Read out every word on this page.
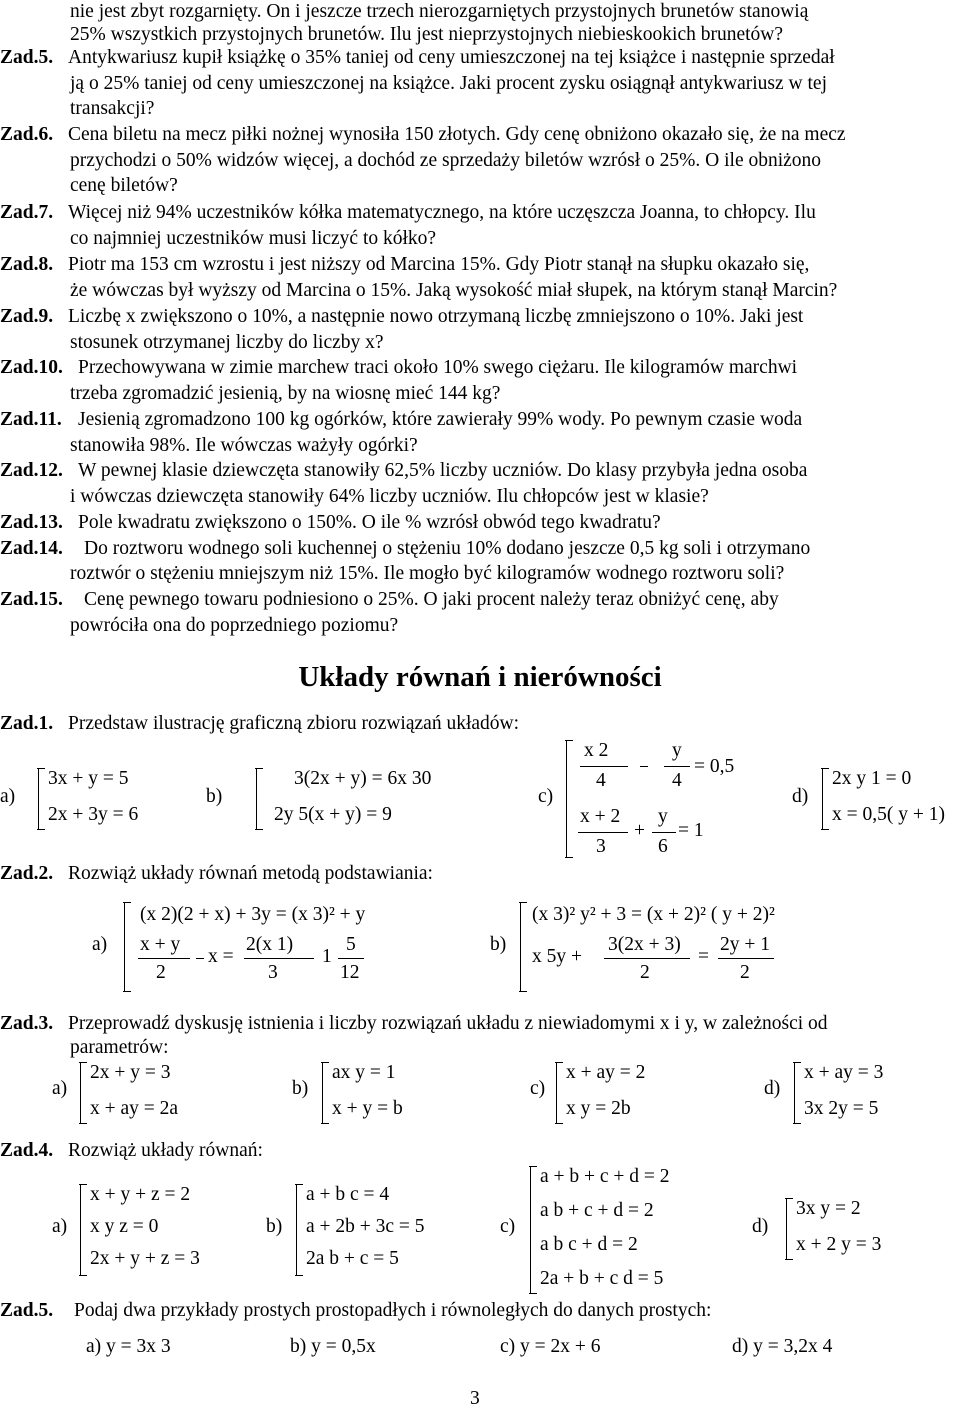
nie jest zbyt rozgarnięty. On i jeszcze trzech nierozgarniętych przystojnych brunetów stanowią
25% wszystkich przystojnych brunetów. Ilu jest nieprzystojnych niebieskookich brunetów?
Zad.5. Antykwariusz kupił książkę o 35% taniej od ceny umieszczonej na tej książce i następnie sprzedał
ją o 25% taniej od ceny umieszczonej na książce. Jaki procent zysku osiągnął antykwariusz w tej
transakcji?
Zad.6. Cena biletu na mecz piłki nożnej wynosiła 150 złotych. Gdy cenę obniżono okazało się, że na mecz
przychodzi o 50% widzów więcej, a dochód ze sprzedaży biletów wzrósł o 25%. O ile obniżono
cenę biletów?
Zad.7. Więcej niż 94% uczestników kółka matematycznego, na które uczęszcza Joanna, to chłopcy. Ilu
co najmniej uczestników musi liczyć to kółko?
Zad.8. Piotr ma 153 cm wzrostu i jest niższy od Marcina 15%. Gdy Piotr stanął na słupku okazało się,
że wówczas był wyższy od Marcina o 15%. Jaką wysokość miał słupek, na którym stanął Marcin?
Zad.9. Liczbę x zwiększono o 10%, a następnie nowo otrzymaną liczbę zmniejszono o 10%. Jaki jest
stosunek otrzymanej liczby do liczby x?
Zad.10. Przechowywana w zimie marchew traci około 10% swego ciężaru. Ile kilogramów marchwi
trzeba zgromadzić jesienią, by na wiosnę mieć 144 kg?
Zad.11. Jesienią zgromadzono 100 kg ogórków, które zawierały 99% wody. Po pewnym czasie woda
stanowiła 98%. Ile wówczas ważyły ogórki?
Zad.12. W pewnej klasie dziewczęta stanowiły 62,5% liczby uczniów. Do klasy przybyła jedna osoba
i wówczas dziewczęta stanowiły 64% liczby uczniów. Ilu chłopców jest w klasie?
Zad.13. Pole kwadratu zwiększono o 150%. O ile % wzrósł obwód tego kwadratu?
Zad.14. Do roztworu wodnego soli kuchennej o stężeniu 10% dodano jeszcze 0,5 kg soli i otrzymano
roztwór o stężeniu mniejszym niż 15%. Ile mogło być kilogramów wodnego roztworu soli?
Zad.15. Cenę pewnego towaru podniesiono o 25%. O jaki procent należy teraz obniżyć cenę, aby
powróciła ona do poprzedniego poziomu?
Układy równań i nierówności
Zad.1. Przedstaw ilustrację graficzną zbioru rozwiązań układów:
a)
3x + y = 5
2x + 3y = 6
b)
3(2x + y) = 6x 30
2y 5(x + y) = 9
c)
x 2
4
y
4
= 0,5
x + 2
3
+
y
6
= 1
d)
2x y 1 = 0
x = 0,5( y + 1)
Zad.2. Rozwiąż układy równań metodą podstawiania:
a)
(x 2)(2 + x) + 3y = (x 3)² + y
x + y
2
x =
2(x 1)
3
5
12
1
b)
(x 3)² y² + 3 = (x + 2)² ( y + 2)²
x 5y +
3(2x + 3)
2
=
2y + 1
2
Zad.3. Przeprowadź dyskusję istnienia i liczby rozwiązań układu z niewiadomymi x i y, w zależności od
parametrów:
a)
2x + y = 3
x + ay = 2a
b)
ax y = 1
x + y = b
c)
x + ay = 2
x y = 2b
d)
x + ay = 3
3x 2y = 5
Zad.4. Rozwiąż układy równań:
a)
x + y + z = 2
x y z = 0
2x + y + z = 3
b)
a + b c = 4
a + 2b + 3c = 5
2a b + c = 5
c)
a + b + c + d = 2
a b + c + d = 2
a b c + d = 2
2a + b + c d = 5
d)
3x y = 2
x + 2 y = 3
Zad.5. Podaj dwa przykłady prostych prostopadłych i równoległych do danych prostych:
a) y = 3x 3	b) y = 0,5x	c) y = 2x + 6	d) y = 3,2x 4
3
